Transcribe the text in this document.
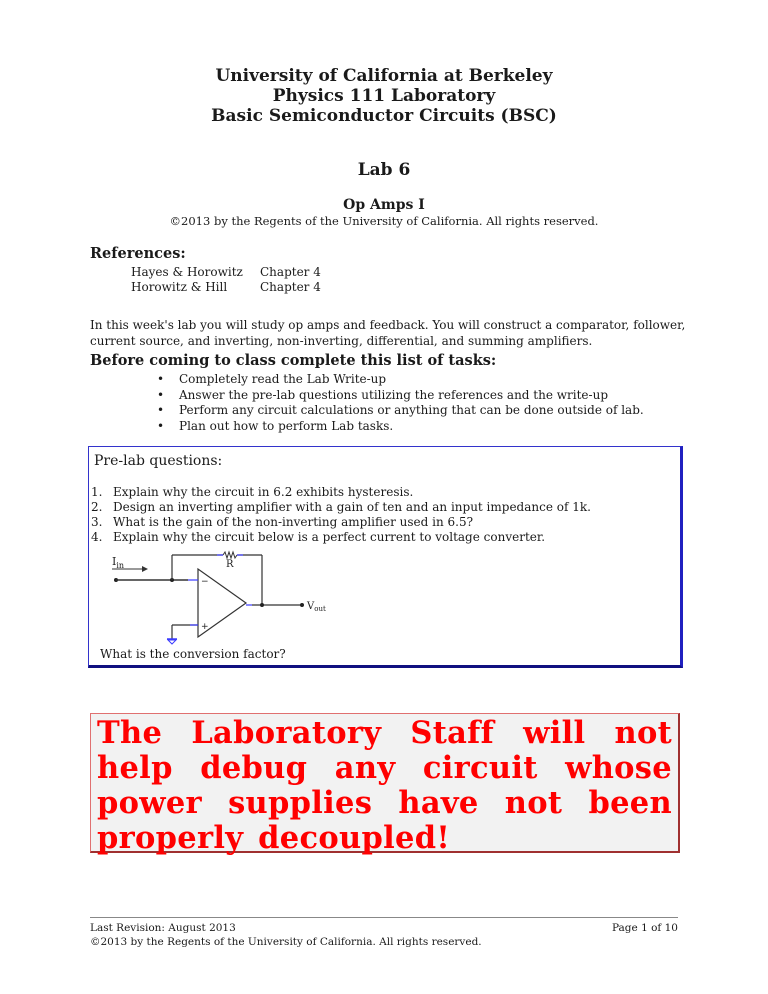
University of California at Berkeley
Physics 111 Laboratory
Basic Semiconductor Circuits (BSC)
Lab 6
Op Amps I
©2013 by the Regents of the University of California. All rights reserved.
References:
Hayes & Horowitz	Chapter 4
Horowitz & Hill	Chapter 4
In this week's lab you will study op amps and feedback. You will construct a comparator, follower, current source, and inverting, non-inverting, differential, and summing amplifiers.
Before coming to class complete this list of tasks:
• Completely read the Lab Write-up
• Answer the pre-lab questions utilizing the references and the write-up
• Perform any circuit calculations or anything that can be done outside of lab.
• Plan out how to perform Lab tasks.
Pre-lab questions:
1. Explain why the circuit in 6.2 exhibits hysteresis.
2. Design an inverting amplifier with a gain of ten and an input impedance of 1k.
3. What is the gain of the non-inverting amplifier used in 6.5?
4. Explain why the circuit below is a perfect current to voltage converter.
$I_{in}$	R
−
+
$V_{out}$
What is the conversion factor?
The Laboratory Staff will not help debug any circuit whose power supplies have not been properly decoupled!
Last Revision: August 2013
©2013 by the Regents of the University of California. All rights reserved.
Page 1 of 10
